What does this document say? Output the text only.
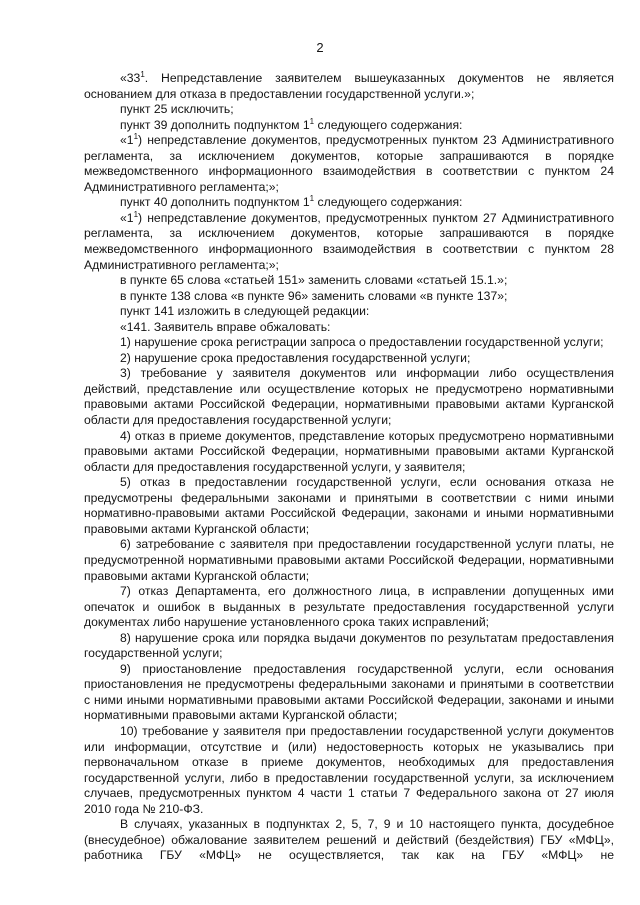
2

«$33^1$. Непредставление заявителем вышеуказанных документов не является основанием для отказа в предоставлении государственной услуги.»;

пункт 25 исключить;

пункт 39 дополнить подпунктом $1^1$ следующего содержания:

«$1^1$) непредставление документов, предусмотренных пунктом 23 Административного регламента, за исключением документов, которые запрашиваются в порядке межведомственного информационного взаимодействия в соответствии с пунктом 24 Административного регламента;»;

пункт 40 дополнить подпунктом $1^1$ следующего содержания:

«$1^1$) непредставление документов, предусмотренных пунктом 27 Административного регламента, за исключением документов, которые запрашиваются в порядке межведомственного информационного взаимодействия в соответствии с пунктом 28 Административного регламента;»;

в пункте 65 слова «статьей 151» заменить словами «статьей 15.1.»;

в пункте 138 слова «в пункте 96» заменить словами «в пункте 137»;

пункт 141 изложить в следующей редакции:

«141. Заявитель вправе обжаловать:

1) нарушение срока регистрации запроса о предоставлении государственной услуги;

2) нарушение срока предоставления государственной услуги;

3) требование у заявителя документов или информации либо осуществления действий, представление или осуществление которых не предусмотрено нормативными правовыми актами Российской Федерации, нормативными правовыми актами Курганской области для предоставления государственной услуги;

4) отказ в приеме документов, представление которых предусмотрено нормативными правовыми актами Российской Федерации, нормативными правовыми актами Курганской области для предоставления государственной услуги, у заявителя;

5) отказ в предоставлении государственной услуги, если основания отказа не предусмотрены федеральными законами и принятыми в соответствии с ними иными нормативно-правовыми актами Российской Федерации, законами и иными нормативными правовыми актами Курганской области;

6) затребование с заявителя при предоставлении государственной услуги платы, не предусмотренной нормативными правовыми актами Российской Федерации, нормативными правовыми актами Курганской области;

7) отказ Департамента, его должностного лица, в исправлении допущенных ими опечаток и ошибок в выданных в результате предоставления государственной услуги документах либо нарушение установленного срока таких исправлений;

8) нарушение срока или порядка выдачи документов по результатам предоставления государственной услуги;

9) приостановление предоставления государственной услуги, если основания приостановления не предусмотрены федеральными законами и принятыми в соответствии с ними иными нормативными правовыми актами Российской Федерации, законами и иными нормативными правовыми актами Курганской области;

10) требование у заявителя при предоставлении государственной услуги документов или информации, отсутствие и (или) недостоверность которых не указывались при первоначальном отказе в приеме документов, необходимых для предоставления государственной услуги, либо в предоставлении государственной услуги, за исключением случаев, предусмотренных пунктом 4 части 1 статьи 7 Федерального закона от 27 июля 2010 года № 210-ФЗ.

В случаях, указанных в подпунктах 2, 5, 7, 9 и 10 настоящего пункта, досудебное (внесудебное) обжалование заявителем решений и действий (бездействия) ГБУ «МФЦ», работника ГБУ «МФЦ» не осуществляется, так как на ГБУ «МФЦ» не
